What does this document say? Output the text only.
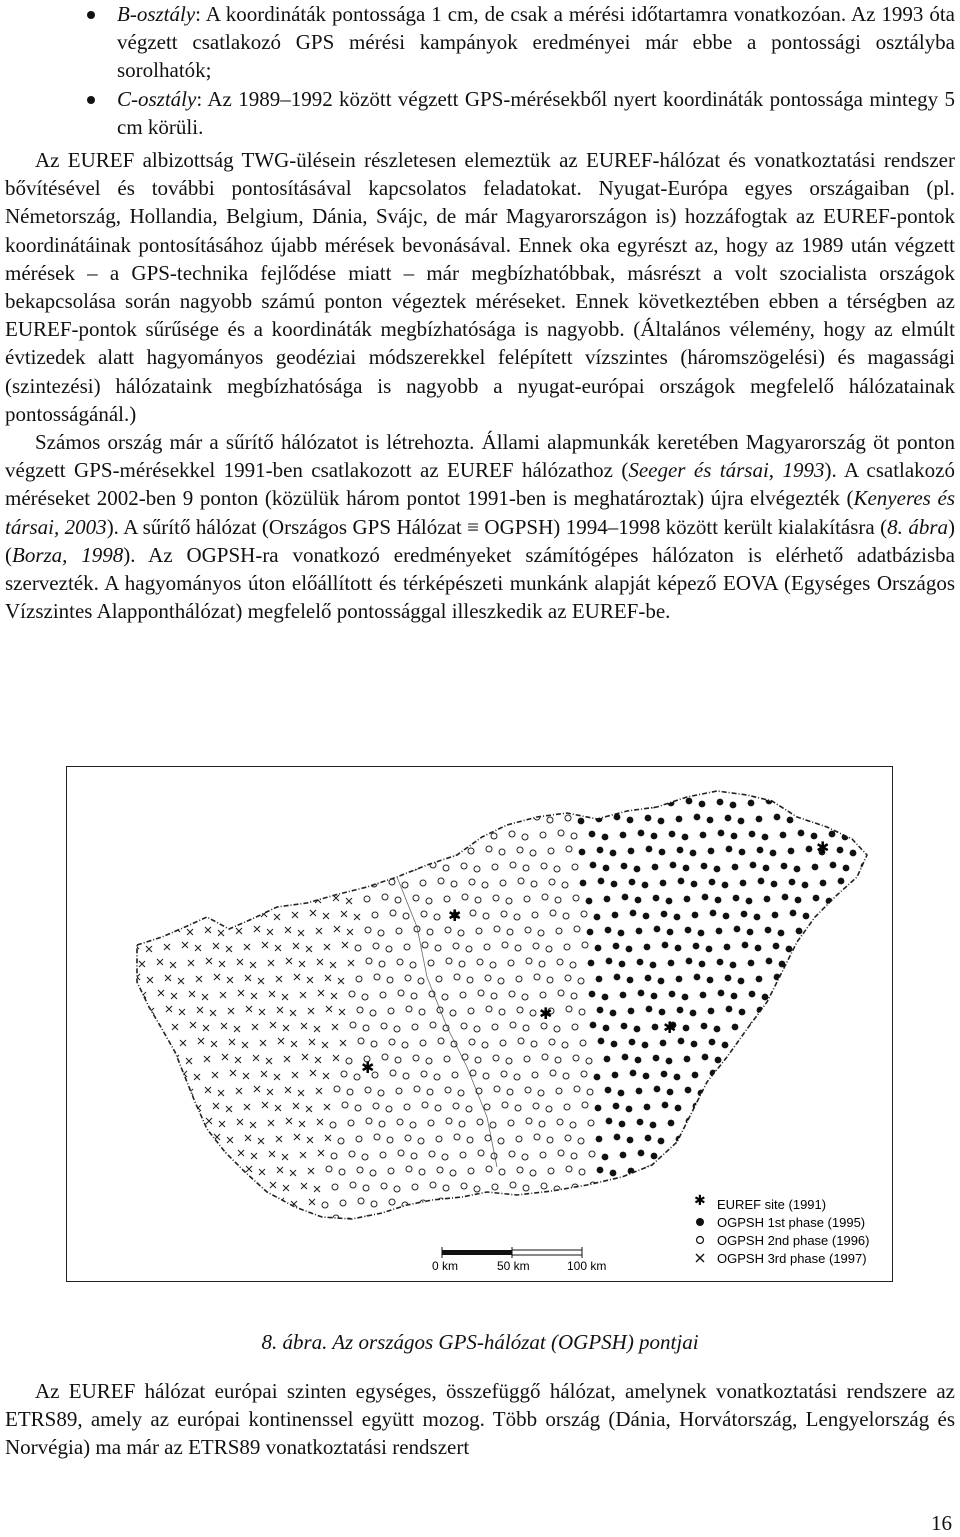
B-osztály: A koordináták pontossága 1 cm, de csak a mérési időtartamra vonatkozóan. Az 1993 óta végzett csatlakozó GPS mérési kampányok eredményei már ebbe a pontossági osztályba sorolhatók;
C-osztály: Az 1989–1992 között végzett GPS-mérésekből nyert koordináták pontossága mintegy 5 cm körüli.

Az EUREF albizottság TWG-ülésein részletesen elemeztük az EUREF-hálózat és vonatkoztatási rendszer bővítésével és további pontosításával kapcsolatos feladatokat. Nyugat-Európa egyes országaiban (pl. Németország, Hollandia, Belgium, Dánia, Svájc, de már Magyarországon is) hozzáfogtak az EUREF-pontok koordinátáinak pontosításához újabb mérések bevonásával. Ennek oka egyrészt az, hogy az 1989 után végzett mérések – a GPS-technika fejlődése miatt – már megbízhatóbbak, másrészt a volt szocialista országok bekapcsolása során nagyobb számú ponton végeztek méréseket. Ennek következtében ebben a térségben az EUREF-pontok sűrűsége és a koordináták megbízhatósága is nagyobb. (Általános vélemény, hogy az elmúlt évtizedek alatt hagyományos geodéziai módszerekkel felépített vízszintes (háromszögelési) és magassági (szintezési) hálózataink megbízhatósága is nagyobb a nyugat-európai országok megfelelő hálózatainak pontosságánál.)

Számos ország már a sűrítő hálózatot is létrehozta. Állami alapmunkák keretében Magyarország öt ponton végzett GPS-mérésekkel 1991-ben csatlakozott az EUREF hálózathoz (Seeger és társai, 1993). A csatlakozó méréseket 2002-ben 9 ponton (közülük három pontot 1991-ben is meghatároztak) újra elvégezték (Kenyeres és társai, 2003). A sűrítő hálózat (Országos GPS Hálózat ≡ OGPSH) 1994–1998 között került kialakításra (8. ábra) (Borza, 1998). Az OGPSH-ra vonatkozó eredményeket számítógépes hálózaton is elérhető adatbázisba szervezték. A hagyományos úton előállított és térképészeti munkánk alapját képező EOVA (Egységes Országos Vízszintes Alapponthálózat) megfelelő pontossággal illeszkedik az EUREF-be.

✱
✱
✱
✱
✱
✱ EUREF site (1991)
OGPSH 1st phase (1995)
OGPSH 2nd phase (1996)
OGPSH 3rd phase (1997)
0 km	50 km	100 km
8. ábra. Az országos GPS-hálózat (OGPSH) pontjai

Az EUREF hálózat európai szinten egységes, összefüggő hálózat, amelynek vonatkoztatási rendszere az ETRS89, amely az európai kontinenssel együtt mozog. Több ország (Dánia, Horvátország, Lengyelország és Norvégia) ma már az ETRS89 vonatkoztatási rendszert

16
